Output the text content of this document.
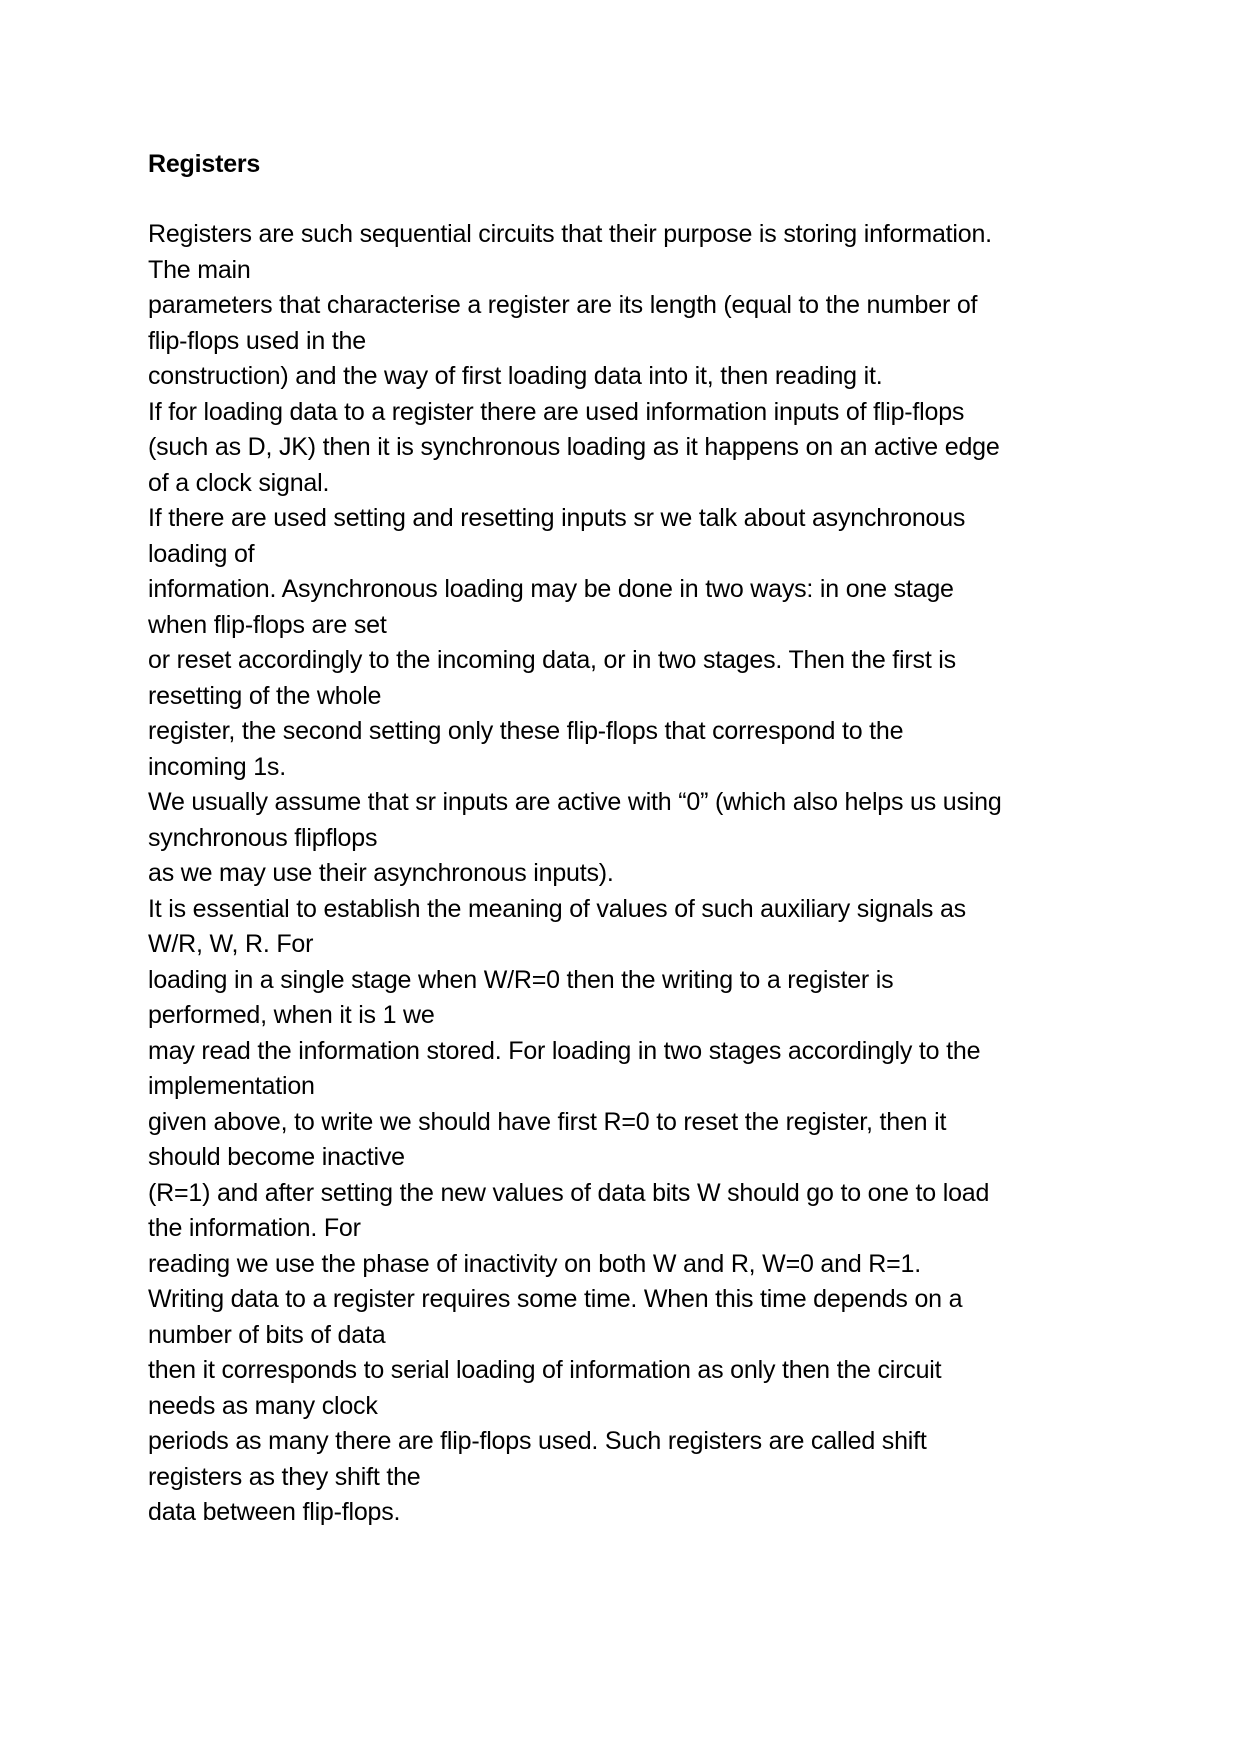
Registers
Registers are such sequential circuits that their purpose is storing information.
The main
parameters that characterise a register are its length (equal to the number of
flip-flops used in the
construction) and the way of first loading data into it, then reading it.
If for loading data to a register there are used information inputs of flip-flops
(such as D, JK) then it is synchronous loading as it happens on an active edge
of a clock signal.
If there are used setting and resetting inputs sr we talk about asynchronous
loading of
information. Asynchronous loading may be done in two ways: in one stage
when flip-flops are set
or reset accordingly to the incoming data, or in two stages. Then the first is
resetting of the whole
register, the second setting only these flip-flops that correspond to the
incoming 1s.
We usually assume that sr inputs are active with “0” (which also helps us using
synchronous flipflops
as we may use their asynchronous inputs).
It is essential to establish the meaning of values of such auxiliary signals as
W/R, W, R. For
loading in a single stage when W/R=0 then the writing to a register is
performed, when it is 1 we
may read the information stored. For loading in two stages accordingly to the
implementation
given above, to write we should have first R=0 to reset the register, then it
should become inactive
(R=1) and after setting the new values of data bits W should go to one to load
the information. For
reading we use the phase of inactivity on both W and R, W=0 and R=1.
Writing data to a register requires some time. When this time depends on a
number of bits of data
then it corresponds to serial loading of information as only then the circuit
needs as many clock
periods as many there are flip-flops used. Such registers are called shift
registers as they shift the
data between flip-flops.
